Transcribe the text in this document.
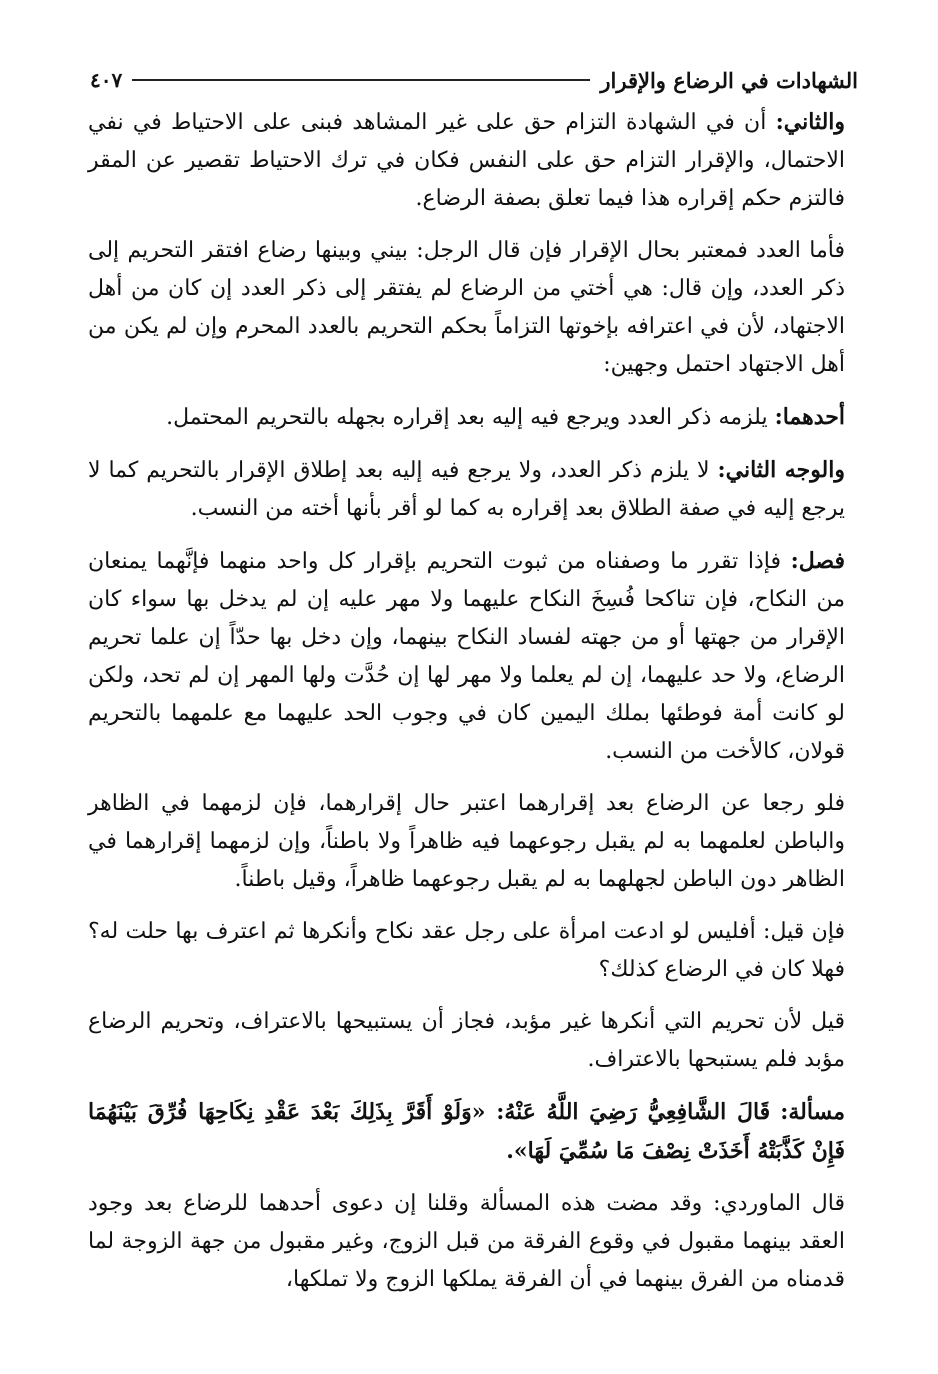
الشهادات في الرضاع والإقرار
٤٠٧

والثاني: أن في الشهادة التزام حق على غير المشاهد فبنى على الاحتياط في نفي الاحتمال، والإقرار التزام حق على النفس فكان في ترك الاحتياط تقصير عن المقر فالتزم حكم إقراره هذا فيما تعلق بصفة الرضاع.

فأما العدد فمعتبر بحال الإقرار فإن قال الرجل: بيني وبينها رضاع افتقر التحريم إلى ذكر العدد، وإن قال: هي أختي من الرضاع لم يفتقر إلى ذكر العدد إن كان من أهل الاجتهاد، لأن في اعترافه بإخوتها التزاماً بحكم التحريم بالعدد المحرم وإن لم يكن من أهل الاجتهاد احتمل وجهين:

أحدهما: يلزمه ذكر العدد ويرجع فيه إليه بعد إقراره بجهله بالتحريم المحتمل.

والوجه الثاني: لا يلزم ذكر العدد، ولا يرجع فيه إليه بعد إطلاق الإقرار بالتحريم كما لا يرجع إليه في صفة الطلاق بعد إقراره به كما لو أقر بأنها أخته من النسب.

فصل: فإذا تقرر ما وصفناه من ثبوت التحريم بإقرار كل واحد منهما فإنَّهما يمنعان من النكاح، فإن تناكحا فُسِخَ النكاح عليهما ولا مهر عليه إن لم يدخل بها سواء كان الإقرار من جهتها أو من جهته لفساد النكاح بينهما، وإن دخل بها حدّاً إن علما تحريم الرضاع، ولا حد عليهما، إن لم يعلما ولا مهر لها إن حُدَّت ولها المهر إن لم تحد، ولكن لو كانت أمة فوطئها بملك اليمين كان في وجوب الحد عليهما مع علمهما بالتحريم قولان، كالأخت من النسب.

فلو رجعا عن الرضاع بعد إقرارهما اعتبر حال إقرارهما، فإن لزمهما في الظاهر والباطن لعلمهما به لم يقبل رجوعهما فيه ظاهراً ولا باطناً، وإن لزمهما إقرارهما في الظاهر دون الباطن لجهلهما به لم يقبل رجوعهما ظاهراً، وقيل باطناً.

فإن قيل: أفليس لو ادعت امرأة على رجل عقد نكاح وأنكرها ثم اعترف بها حلت له؟ فهلا كان في الرضاع كذلك؟

قيل لأن تحريم التي أنكرها غير مؤبد، فجاز أن يستبيحها بالاعتراف، وتحريم الرضاع مؤبد فلم يستبحها بالاعتراف.

مسألة: قَالَ الشَّافِعِيُّ رَضِيَ اللَّهُ عَنْهُ: «وَلَوْ أَقَرَّ بِذَلِكَ بَعْدَ عَقْدِ نِكَاحِهَا فُرِّقَ بَيْنَهُمَا فَإِنْ كَذَّبَتْهُ أَخَذَتْ نِصْفَ مَا سُمِّيَ لَهَا».

قال الماوردي: وقد مضت هذه المسألة وقلنا إن دعوى أحدهما للرضاع بعد وجود العقد بينهما مقبول في وقوع الفرقة من قبل الزوج، وغير مقبول من جهة الزوجة لما قدمناه من الفرق بينهما في أن الفرقة يملكها الزوج ولا تملكها،
